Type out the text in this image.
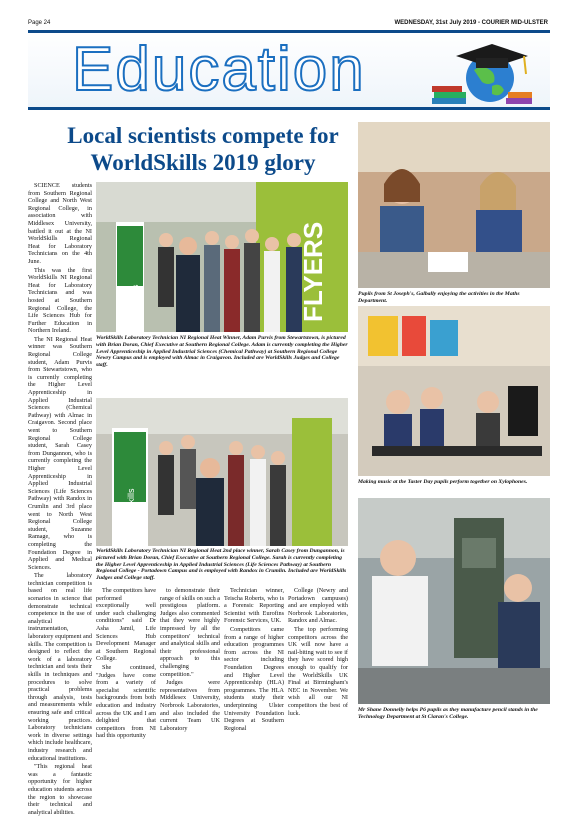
Page 24	WEDNESDAY, 31st July 2019 - COURIER MID-ULSTER
Education
Local scientists compete for WorldSkills 2019 glory

SCIENCE students from Southern Regional College and North West Regional College, in association with Middlesex University, battled it out at the NI WorldSkills Regional Heat for Laboratory Technicians on the 4th June.

This was the first WorldSkills NI Regional Heat for Laboratory Technicians and was hosted at Southern Regional College, the Life Sciences Hub for Further Education in Northern Ireland.

The NI Regional Heat winner was Southern Regional College student, Adam Purvis from Stewartstown, who is currently completing the Higher Level Apprenticeship in Applied Industrial Sciences (Chemical Pathway) with Almac in Craigavon. Second place went to Southern Regional College student, Sarah Casey from Dungannon, who is currently completing the Higher Level Apprenticeship in Applied Industrial Sciences (Life Sciences Pathway) with Randox in Crumlin and 3rd place went to North West Regional College student, Suzanne Ramage, who is completing the Foundation Degree in Applied and Medical Sciences.

The laboratory technician competition is based on real life scenarios in science that demonstrate technical competence in the use of analytical instrumentation, laboratory equipment and skills. The competition is designed to reflect the work of a laboratory technician and tests their skills in techniques and procedures to solve practical problems through analysis, tests and measurements while ensuring safe and critical working practices. Laboratory technicians work in diverse settings which include healthcare, industry research and educational institutions.

"This regional heat was a fantastic opportunity for higher education students across the region to showcase their technical and analytical abilities.

FLYERS
skills
WorldSkills Laboratory Technician NI Regional Heat Winner, Adam Purvis from Stewartstown, is pictured with Brian Doran, Chief Executive at Southern Regional College. Adam is currently completing the Higher Level Apprenticeship in Applied Industrial Sciences (Chemical Pathway) at Southern Regional College Newry Campus and is employed with Almac in Craigavon. Included are WorldSkills Judges and College staff.
skills
WorldSkills Laboratory Technician NI Regional Heat 2nd place winner, Sarah Casey from Dungannon, is pictured with Brian Doran, Chief Executive at Southern Regional College. Sarah is currently completing the Higher Level Apprenticeship in Applied Industrial Sciences (Life Sciences Pathway) at Southern Regional College - Portadown Campus and is employed with Randox in Crumlin. Included are WorldSkills Judges and College staff.

The competitors have performed exceptionally well under such challenging conditions" said Dr Asha Jamil, Life Sciences Hub Development Manager at Southern Regional College.

She continued, "Judges have come from a variety of specialist scientific backgrounds from both education and industry across the UK and I am delighted that competitors from NI had this opportunity

to demonstrate their range of skills on such a prestigious platform. Judges also commented that they were highly impressed by all the competitors' technical and analytical skills and their professional approach to this challenging competition."

Judges were representatives from Middlesex University, Norbrook Laboratories, and also included the current Team UK Laboratory

Technician winner, Teischa Roberts, who is a Forensic Reporting Scientist with Eurofins Forensic Services, UK.

Competitors came from a range of higher education programmes from across the NI sector including Foundation Degrees and Higher Level Apprenticeship (HLA) programmes. The HLA students study their underpinning Ulster University Foundation Degrees at Southern Regional

College (Newry and Portadown campuses) and are employed with Norbrook Laboratories, Randox and Almac.

The top performing competitors across the UK will now have a nail-biting wait to see if they have scored high enough to qualify for the WorldSkills UK Final at Birmingham's NEC in November. We wish all our NI competitors the best of luck.

Pupils from St Joseph's, Galbally enjoying the activities in the Maths Department.
Making music at the Taster Day pupils perform together on Xylophones.
Mr Shane Donnelly helps P6 pupils as they manufacture pencil stands in the Technology Department at St Ciaran's College.
